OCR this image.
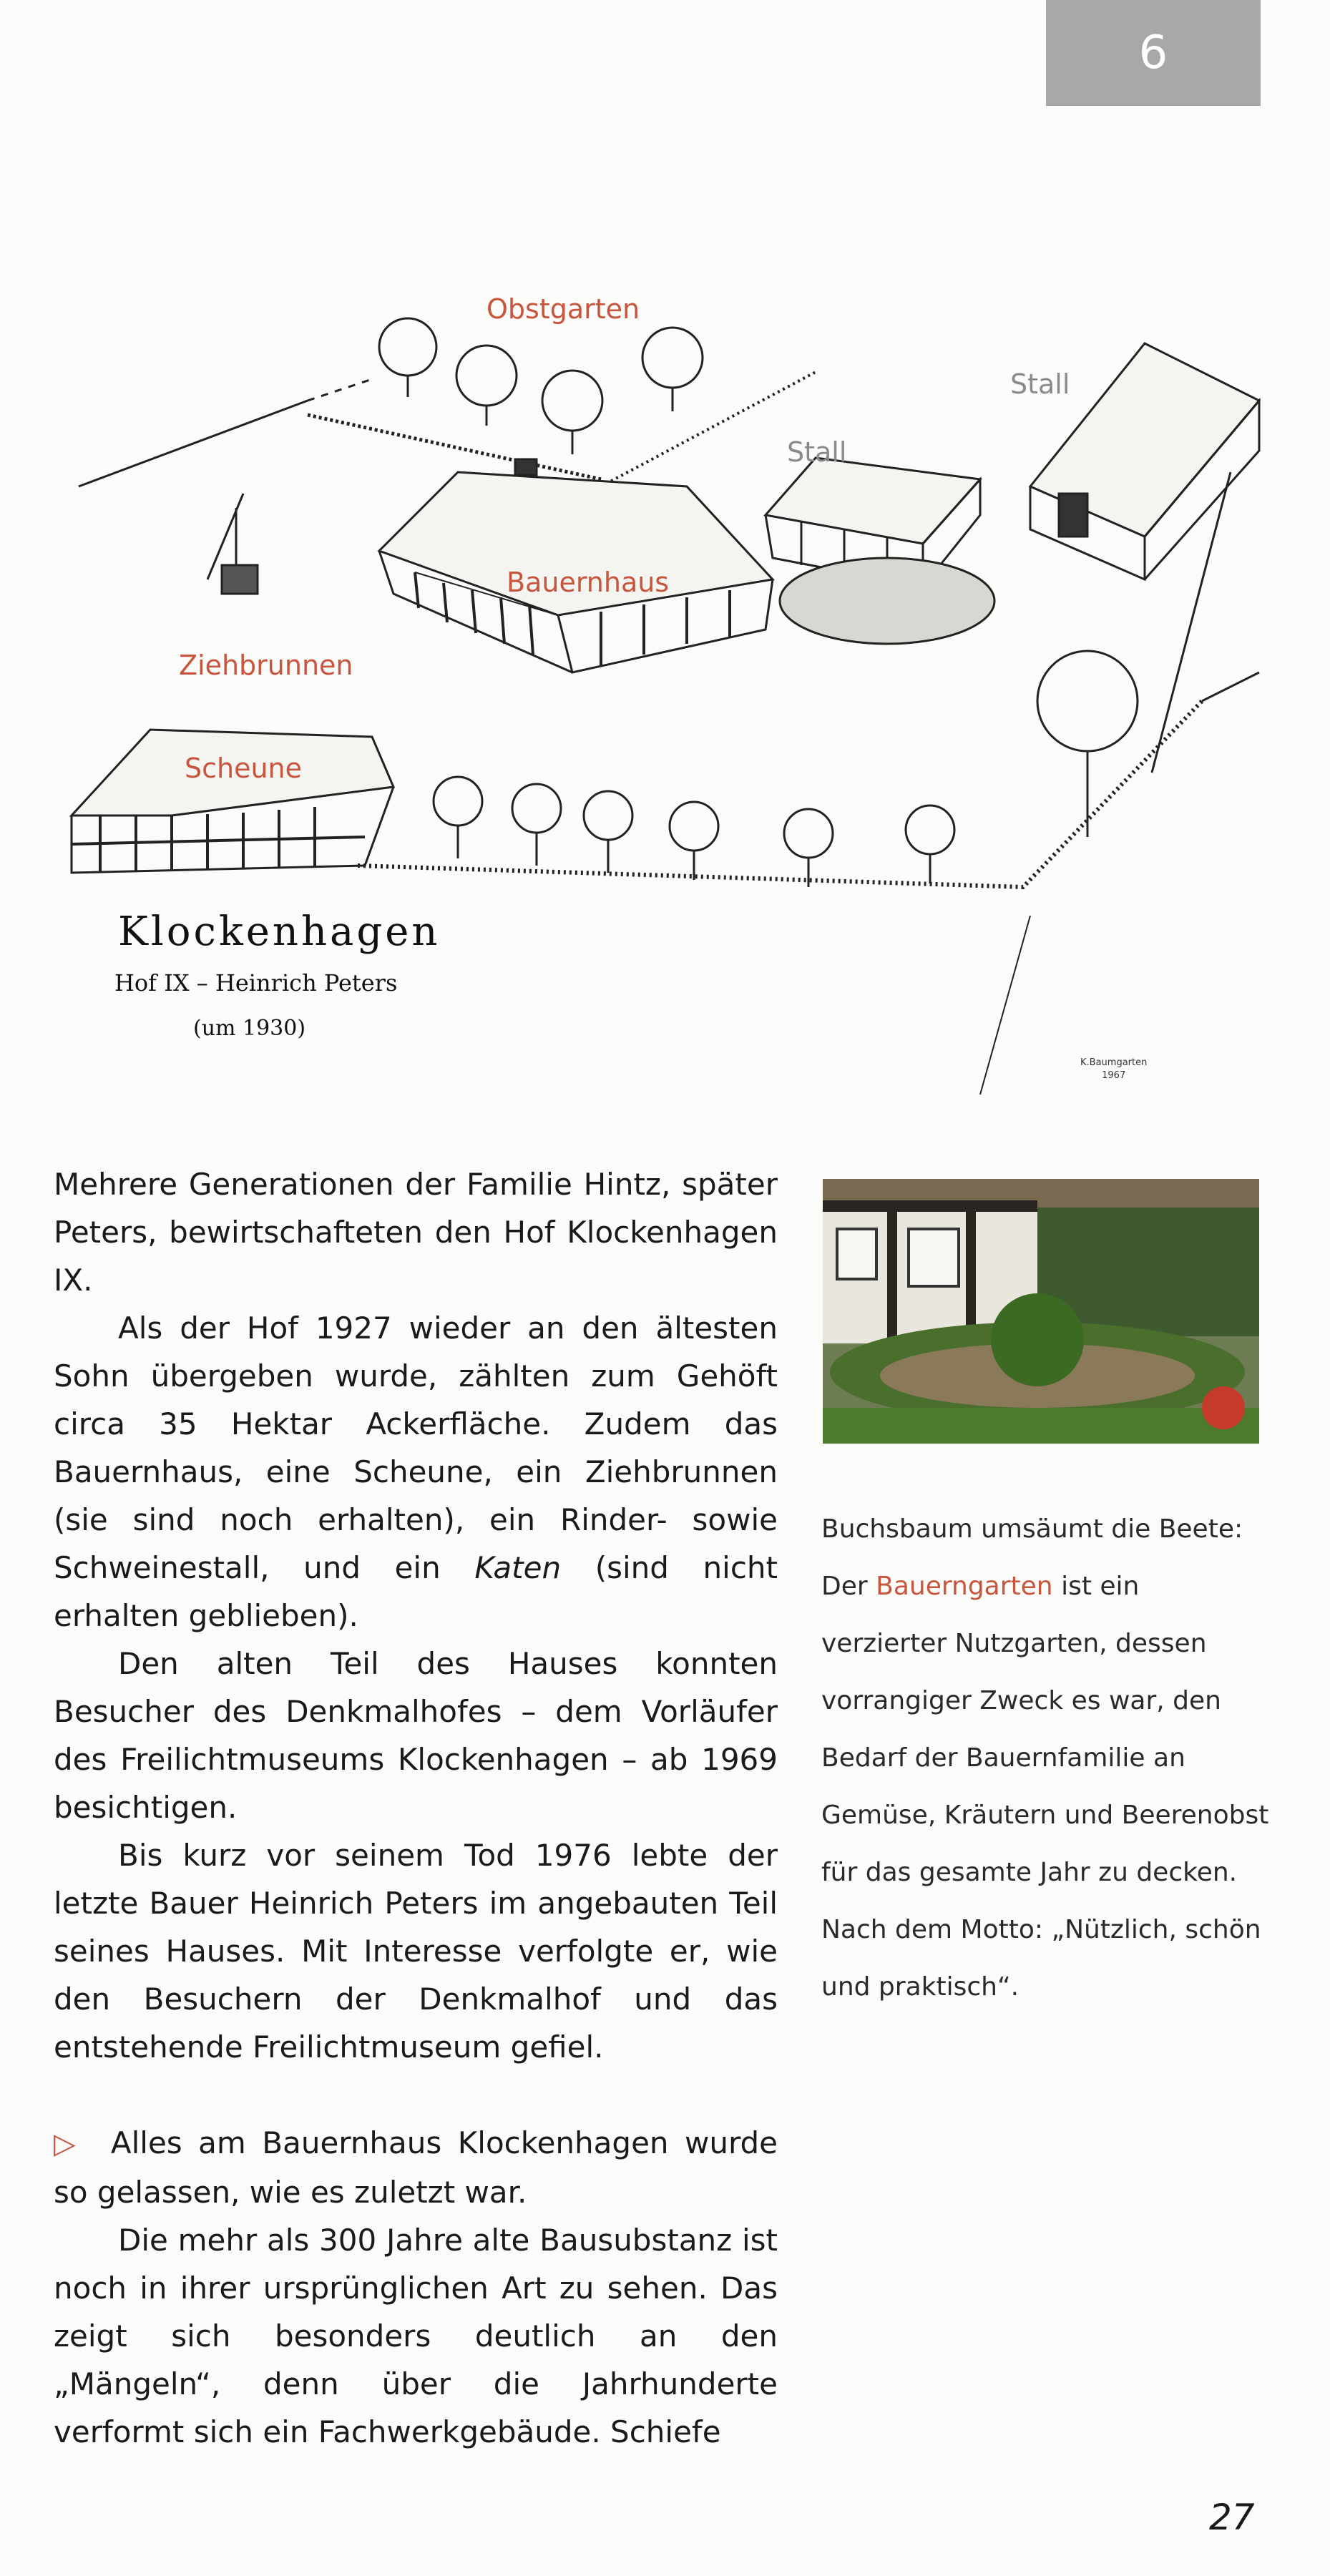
6
Obstgarten
Stall
Stall
Bauernhaus
Ziehbrunnen
Scheune
Klockenhagen
Hof IX – Heinrich Peters
(um 1930)
K.Baumgarten
1967

Mehrere Generationen der Familie Hintz, später Peters, bewirtschafteten den Hof Klockenhagen IX.

Als der Hof 1927 wieder an den ältesten Sohn übergeben wurde, zählten zum Gehöft circa 35 Hektar Ackerfläche. Zudem das Bauernhaus, eine Scheune, ein Ziehbrunnen (sie sind noch erhalten), ein Rinder- sowie Schweinestall, und ein Katen (sind nicht erhalten geblieben).

Den alten Teil des Hauses konnten Besucher des Denkmalhofes – dem Vorläufer des Freilichtmuseums Klockenhagen – ab 1969 besichtigen.

Bis kurz vor seinem Tod 1976 lebte der letzte Bauer Heinrich Peters im angebauten Teil seines Hauses. Mit Interesse verfolgte er, wie den Besuchern der Denkmalhof und das entstehende Freilichtmuseum gefiel.

▷ Alles am Bauernhaus Klockenhagen wurde so gelassen, wie es zuletzt war.

Die mehr als 300 Jahre alte Bausubstanz ist noch in ihrer ursprünglichen Art zu sehen. Das zeigt sich besonders deutlich an den „Mängeln“, denn über die Jahrhunderte verformt sich ein Fachwerkgebäude. Schiefe

Buchsbaum umsäumt die Beete:
Der Bauerngarten ist ein verzierter Nutzgarten, dessen vorrangiger Zweck es war, den Bedarf der Bauernfamilie an Gemüse, Kräutern und Beerenobst für das gesamte Jahr zu decken. Nach dem Motto: „Nützlich, schön und praktisch“.
27
